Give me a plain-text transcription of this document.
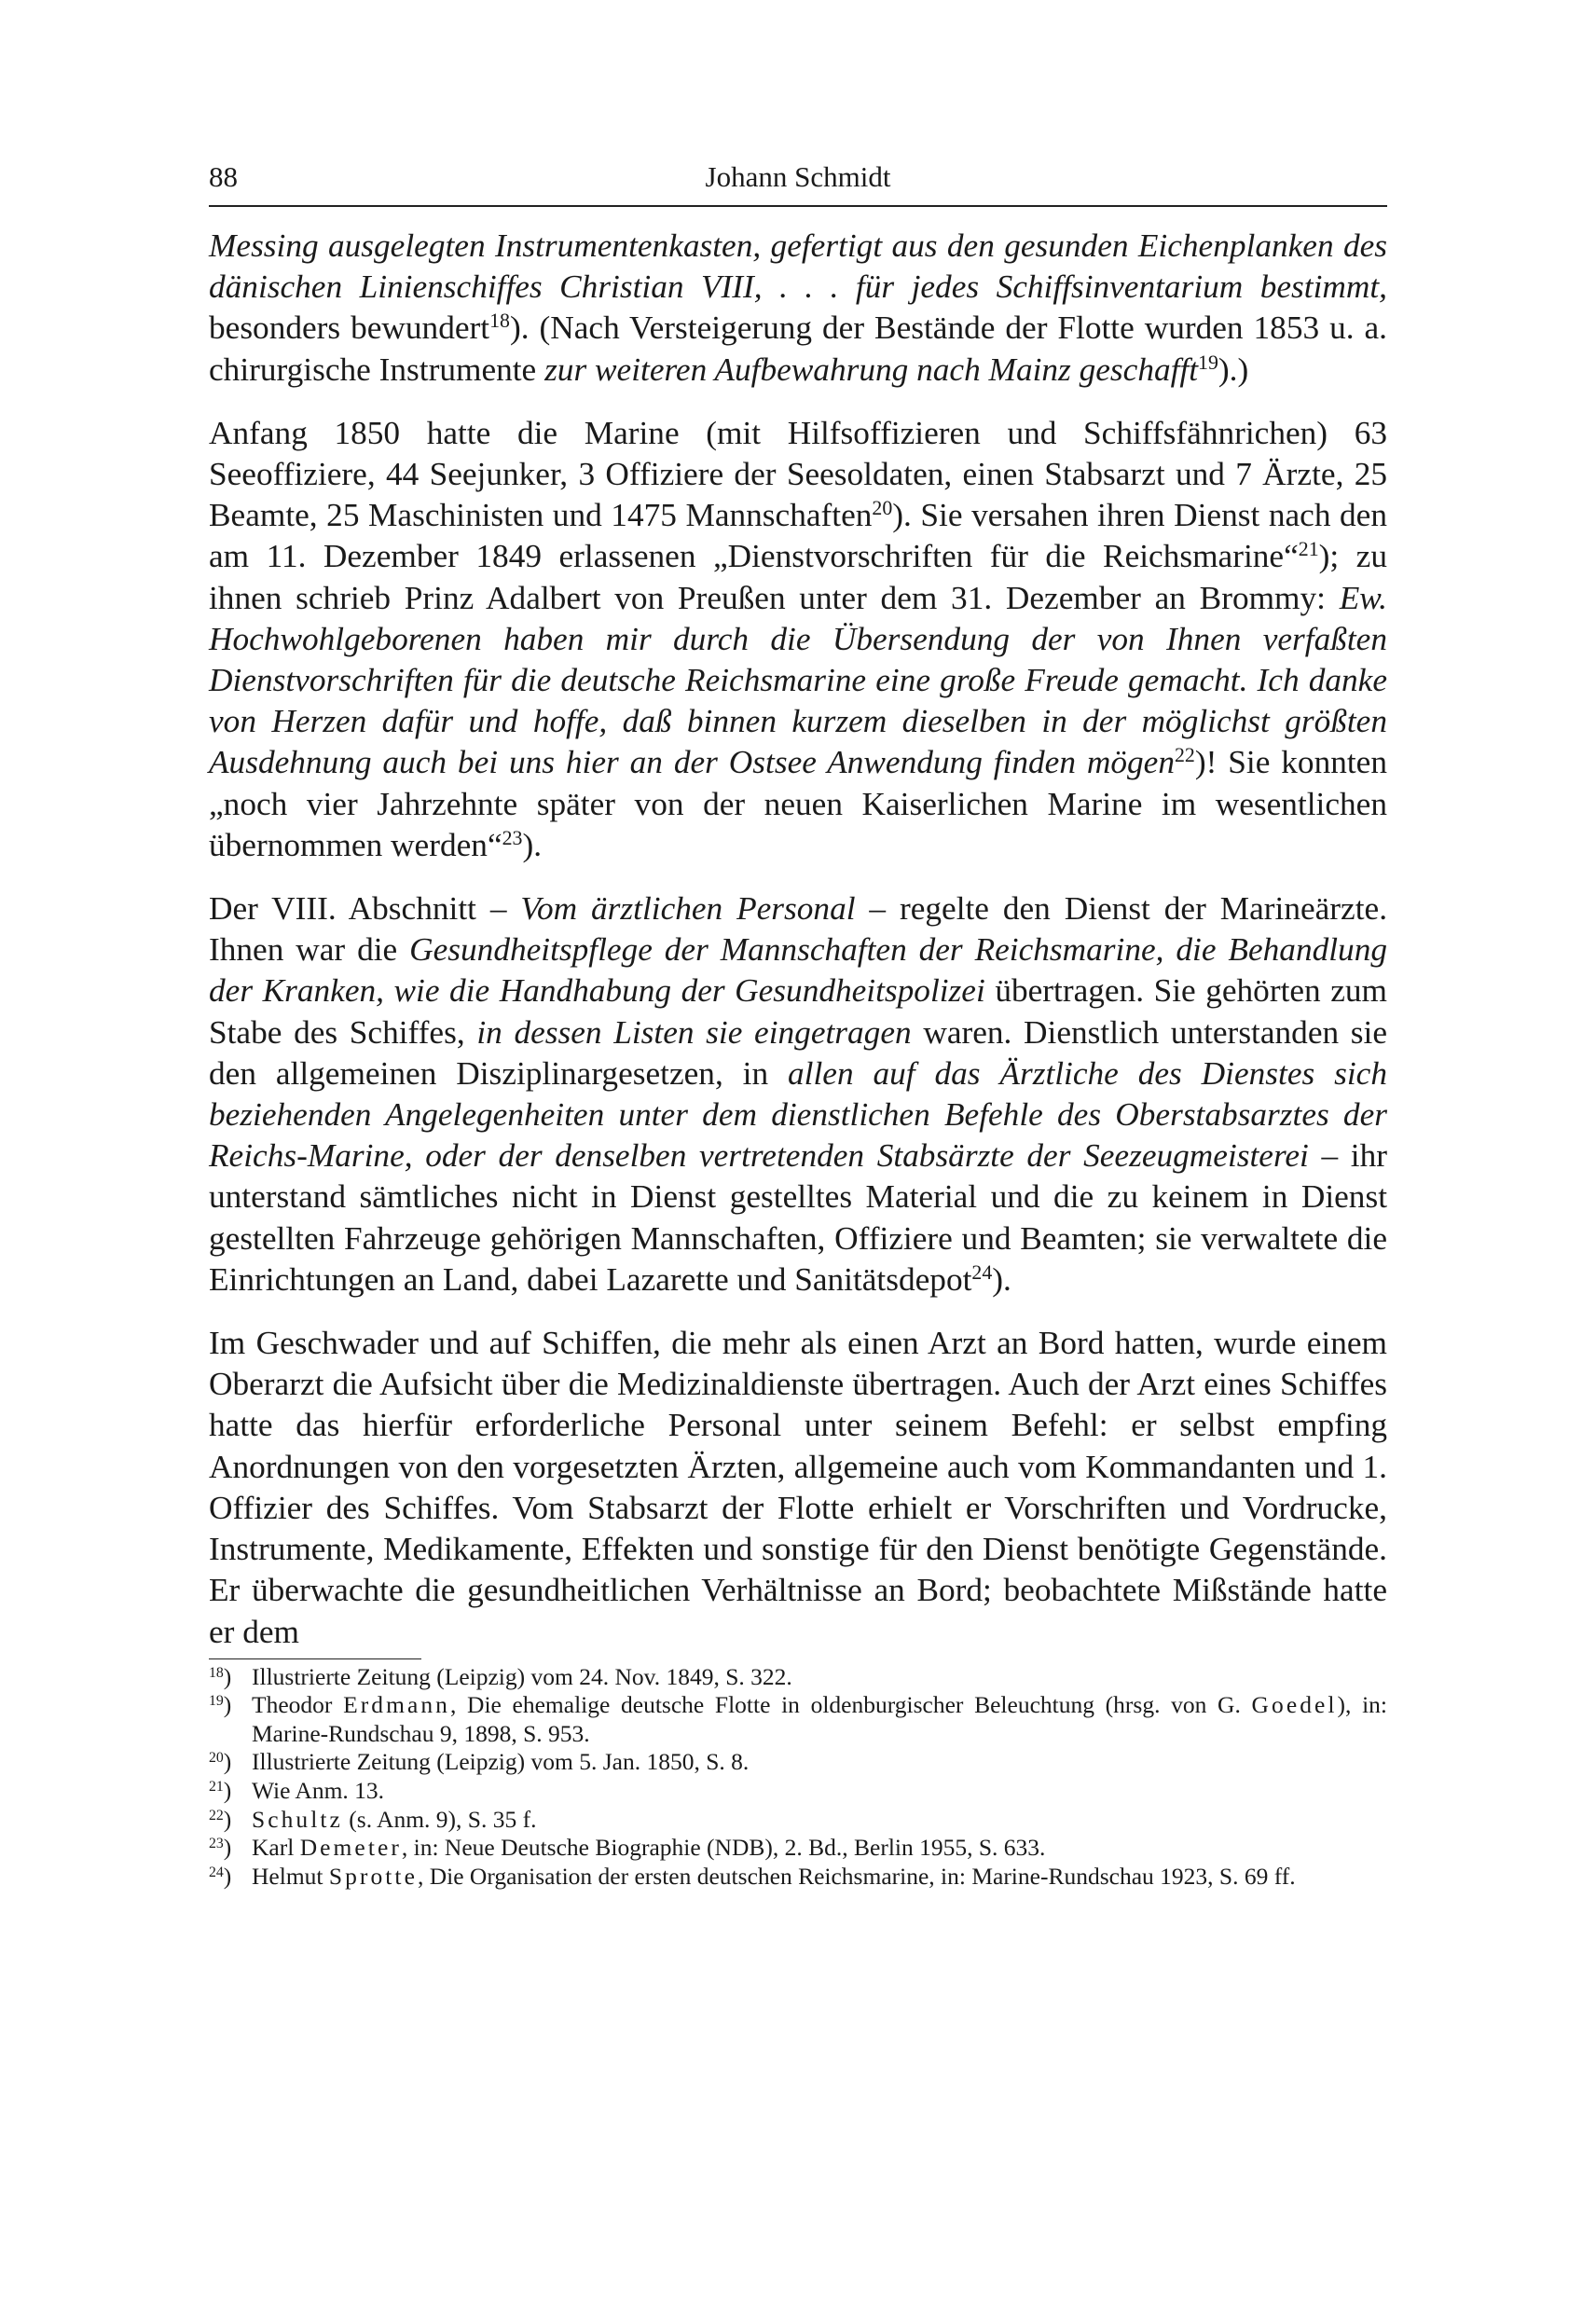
88	Johann Schmidt

Messing ausgelegten Instrumentenkasten, gefertigt aus den gesunden Eichenplanken des dänischen Linienschiffes Christian VIII, . . . für jedes Schiffsinventarium bestimmt, besonders bewundert$^{18}$). (Nach Versteigerung der Bestände der Flotte wurden 1853 u. a. chirurgische Instrumente zur weiteren Aufbewahrung nach Mainz geschafft$^{19}$).)

Anfang 1850 hatte die Marine (mit Hilfsoffizieren und Schiffsfähnrichen) 63 Seeoffiziere, 44 Seejunker, 3 Offiziere der Seesoldaten, einen Stabsarzt und 7 Ärzte, 25 Beamte, 25 Maschinisten und 1475 Mannschaften$^{20}$). Sie versahen ihren Dienst nach den am 11. Dezember 1849 erlassenen „Dienstvorschriften für die Reichsmarine“$^{21}$); zu ihnen schrieb Prinz Adalbert von Preußen unter dem 31. Dezember an Brommy: Ew. Hochwohlgeborenen haben mir durch die Übersendung der von Ihnen verfaßten Dienstvorschriften für die deutsche Reichsmarine eine große Freude gemacht. Ich danke von Herzen dafür und hoffe, daß binnen kurzem dieselben in der möglichst größten Ausdehnung auch bei uns hier an der Ostsee Anwendung finden mögen$^{22}$)! Sie konnten „noch vier Jahrzehnte später von der neuen Kaiserlichen Marine im wesentlichen übernommen werden“$^{23}$).

Der VIII. Abschnitt – Vom ärztlichen Personal – regelte den Dienst der Marineärzte. Ihnen war die Gesundheitspflege der Mannschaften der Reichsmarine, die Behandlung der Kranken, wie die Handhabung der Gesundheitspolizei übertragen. Sie gehörten zum Stabe des Schiffes, in dessen Listen sie eingetragen waren. Dienstlich unterstanden sie den allgemeinen Disziplinargesetzen, in allen auf das Ärztliche des Dienstes sich beziehenden Angelegenheiten unter dem dienstlichen Befehle des Oberstabsarztes der Reichs-Marine, oder der denselben vertretenden Stabsärzte der Seezeugmeisterei – ihr unterstand sämtliches nicht in Dienst gestelltes Material und die zu keinem in Dienst gestellten Fahrzeuge gehörigen Mannschaften, Offiziere und Beamten; sie verwaltete die Einrichtungen an Land, dabei Lazarette und Sanitätsdepot$^{24}$).

Im Geschwader und auf Schiffen, die mehr als einen Arzt an Bord hatten, wurde einem Oberarzt die Aufsicht über die Medizinaldienste übertragen. Auch der Arzt eines Schiffes hatte das hierfür erforderliche Personal unter seinem Befehl: er selbst empfing Anordnungen von den vorgesetzten Ärzten, allgemeine auch vom Kommandanten und 1. Offizier des Schiffes. Vom Stabsarzt der Flotte erhielt er Vorschriften und Vordrucke, Instrumente, Medikamente, Effekten und sonstige für den Dienst benötigte Gegenstände. Er überwachte die gesundheitlichen Verhältnisse an Bord; beobachtete Mißstände hatte er dem

$^{18}$) Illustrierte Zeitung (Leipzig) vom 24. Nov. 1849, S. 322.
$^{19}$) Theodor Erdmann, Die ehemalige deutsche Flotte in oldenburgischer Beleuchtung (hrsg. von G. Goedel), in: Marine-Rundschau 9, 1898, S. 953.
$^{20}$) Illustrierte Zeitung (Leipzig) vom 5. Jan. 1850, S. 8.
$^{21}$) Wie Anm. 13.
$^{22}$) Schultz (s. Anm. 9), S. 35 f.
$^{23}$) Karl Demeter, in: Neue Deutsche Biographie (NDB), 2. Bd., Berlin 1955, S. 633.
$^{24}$) Helmut Sprotte, Die Organisation der ersten deutschen Reichsmarine, in: Marine-Rundschau 1923, S. 69 ff.
